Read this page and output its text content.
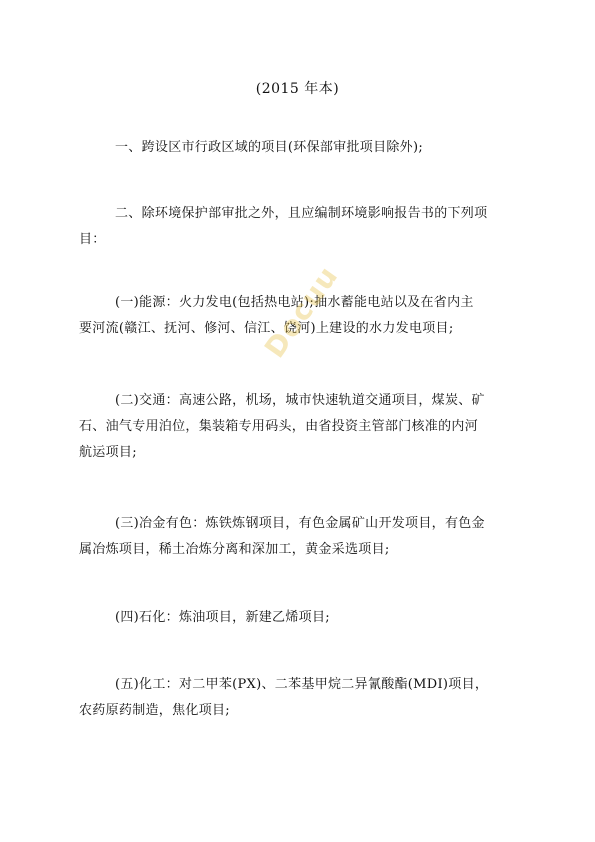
(2015 年本)
一、跨设区市行政区域的项目(环保部审批项目除外);
二、除环境保护部审批之外，且应编制环境影响报告书的下列项
目：
(一)能源：火力发电(包括热电站);抽水蓄能电站以及在省内主
要河流(赣江、抚河、修河、信江、饶河)上建设的水力发电项目;
(二)交通：高速公路，机场，城市快速轨道交通项目，煤炭、矿
石、油气专用泊位，集装箱专用码头，由省投资主管部门核准的内河
航运项目;
(三)冶金有色：炼铁炼钢项目，有色金属矿山开发项目，有色金
属冶炼项目，稀土冶炼分离和深加工，黄金采选项目;
(四)石化：炼油项目，新建乙烯项目;
(五)化工：对二甲苯(PX)、二苯基甲烷二异氰酸酯(MDI)项目，
农药原药制造，焦化项目;
Docuu
